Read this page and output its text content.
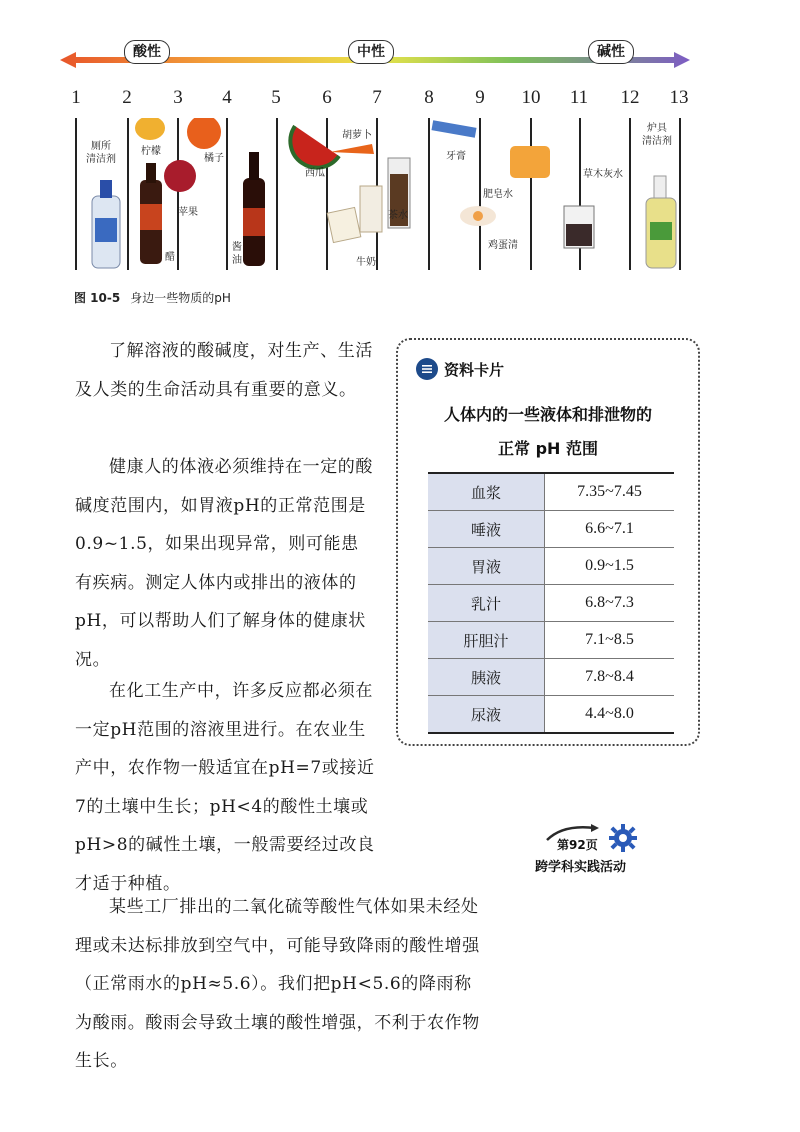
酸性	中性	碱性
1	2	3	4	5	6	7	8	9	10 11 12 13
厕所
清洁剂
柠檬
醋
苹果
橘子
酱
油
西瓜
胡萝卜
牛奶
茶水
牙膏
鸡蛋清
肥皂水
草木灰水
炉具
清洁剂
图 10-5 身边一些物质的pH

了解溶液的酸碱度，对生产、生活及人类的生命活动具有重要的意义。

健康人的体液必须维持在一定的酸碱度范围内，如胃液pH的正常范围是0.9~1.5，如果出现异常，则可能患有疾病。测定人体内或排出的液体的pH，可以帮助人们了解身体的健康状况。

在化工生产中，许多反应都必须在一定pH范围的溶液里进行。在农业生产中，农作物一般适宜在pH=7或接近7的土壤中生长；pH<4的酸性土壤或pH>8的碱性土壤，一般需要经过改良才适于种植。

某些工厂排出的二氧化硫等酸性气体如果未经处理或未达标排放到空气中，可能导致降雨的酸性增强（正常雨水的pH≈5.6）。我们把pH<5.6的降雨称为酸雨。酸雨会导致土壤的酸性增强，不利于农作物生长。

资料卡片
人体内的一些液体和排泄物的
正常 pH 范围
血浆	7.35~7.45
唾液	6.6~7.1
胃液	0.9~1.5
乳汁	6.8~7.3
肝胆汁	7.1~8.5
胰液	7.8~8.4
尿液	4.4~8.0
第92页
跨学科实践活动
